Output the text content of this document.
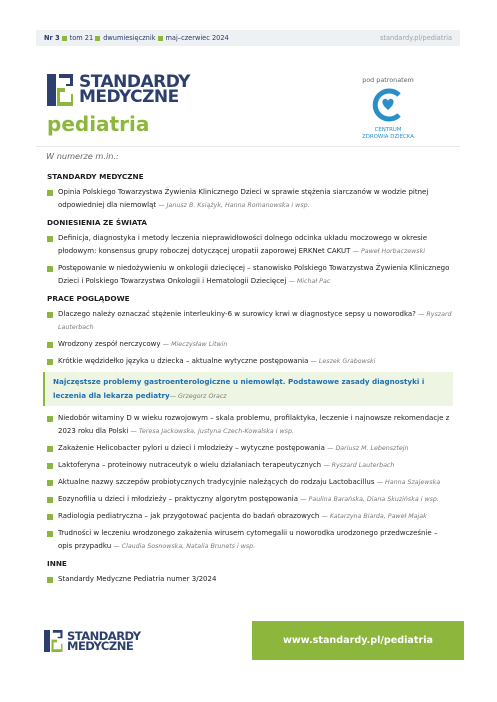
Nr 3 tom 21 dwumiesięcznik maj–czerwiec 2024	standardy.pl/pediatria
STANDARDY
MEDYCZNE
pediatria
pod patronatem
CENTRUM
ZDROWIA DZIECKA
W numerze m.in.:
STANDARDY MEDYCZNE
Opinia Polskiego Towarzystwa Żywienia Klinicznego Dzieci w sprawie stężenia siarczanów w wodzie pitnej odpowiedniej dla niemowląt — Janusz B. Książyk, Hanna Romanowska i wsp.
DONIESIENIA ZE ŚWIATA
Definicja, diagnostyka i metody leczenia nieprawidłowości dolnego odcinka układu moczowego w okresie płodowym: konsensus grupy roboczej dotyczącej uropatii zaporowej ERKNet CAKUT — Paweł Horbaczewski
Postępowanie w niedożywieniu w onkologii dziecięcej – stanowisko Polskiego Towarzystwa Żywienia Klinicznego Dzieci i Polskiego Towarzystwa Onkologii i Hematologii Dziecięcej — Michał Pac
PRACE POGLĄDOWE
Dlaczego należy oznaczać stężenie interleukiny-6 w surowicy krwi w diagnostyce sepsy u noworodka? — Ryszard Lauterbach
Wrodzony zespół nerczycowy — Mieczysław Litwin
Krótkie wędzidełko języka u dziecka – aktualne wytyczne postępowania — Leszek Grabowski
Najczęstsze problemy gastroenterologiczne u niemowląt. Podstawowe zasady diagnostyki i leczenia dla lekarza pediatry— Grzegorz Oracz
Niedobór witaminy D w wieku rozwojowym – skala problemu, profilaktyka, leczenie i najnowsze rekomendacje z 2023 roku dla Polski — Teresa Jackowska, Justyna Czech-Kowalska i wsp.
Zakażenie Helicobacter pylori u dzieci i młodzieży – wytyczne postępowania — Dariusz M. Lebensztejn
Laktoferyna – proteinowy nutraceutyk o wielu działaniach terapeutycznych — Ryszard Lauterbach
Aktualne nazwy szczepów probiotycznych tradycyjnie należących do rodzaju Lactobacillus — Hanna Szajewska
Eozynofilia u dzieci i młodzieży – praktyczny algorytm postępowania — Paulina Barańska, Diana Skuzińska i wsp.
Radiologia pediatryczna – jak przygotować pacjenta do badań obrazowych — Katarzyna Biarda, Paweł Majak
Trudności w leczeniu wrodzonego zakażenia wirusem cytomegalii u noworodka urodzonego przedwcześnie – opis przypadku — Claudia Sosnowska, Natalia Brunets i wsp.
INNE
Standardy Medyczne Pediatria numer 3/2024
STANDARDY
MEDYCZNE	www.standardy.pl/pediatria
